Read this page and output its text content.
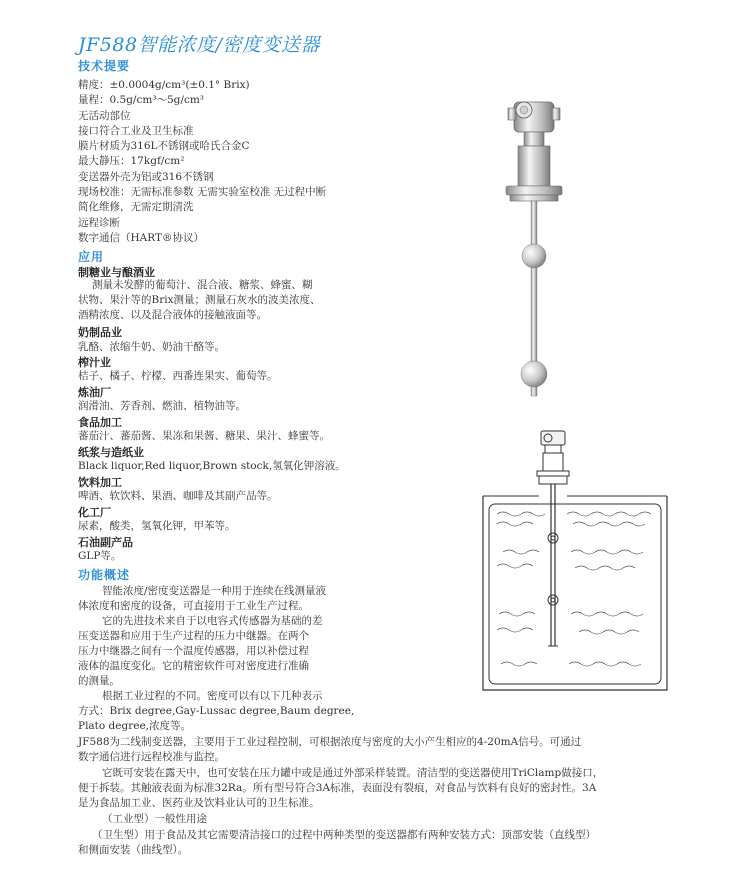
JF588智能浓度/密度变送器
技术提要
精度：±0.0004g/cm³(±0.1° Brix)
量程：0.5g/cm³～5g/cm³
无活动部位
接口符合工业及卫生标准
膜片材质为316L不锈钢或哈氏合金C
最大静压：17kgf/cm²
变送器外壳为铝或316不锈钢
现场校准：无需标准参数 无需实验室校准 无过程中断
简化维修，无需定期清洗
远程诊断
数字通信（HART®协议）
应用
制糖业与酿酒业

测量未发酵的葡萄汁、混合液、糖浆、蜂蜜、糊

状物、果汁等的Brix测量；测量石灰水的波美浓度、

酒精浓度、以及混合液体的接触液面等。

奶制品业

乳酪、浓缩牛奶、奶油干酪等。

榨汁业

桔子、橘子、柠檬、西番连果实、葡萄等。

炼油厂

润滑油、芳香剂、燃油、植物油等。

食品加工

蕃茄汁、蕃茄酱、果冻和果酱、糖果、果汁、蜂蜜等。

纸浆与造纸业

Black liquor,Red liquor,Brown stock,氢氧化钾溶液。

饮料加工

啤酒、软饮料、果酒、咖啡及其副产品等。

化工厂

尿素，酸类，氢氧化钾，甲苯等。

石油副产品

GLP等。

功能概述

智能浓度/密度变送器是一种用于连续在线测量液

体浓度和密度的设备，可直接用于工业生产过程。

它的先进技术来自于以电容式传感器为基础的差

压变送器和应用于生产过程的压力中继器。在两个

压力中继器之间有一个温度传感器，用以补偿过程

液体的温度变化。它的精密软件可对密度进行准确

的测量。

根据工业过程的不同。密度可以有以下几种表示

方式：Brix degree,Gay-Lussac degree,Baum degree,

Plato degree,浓度等。

JF588为二线制变送器，主要用于工业过程控制，可根据浓度与密度的大小产生相应的4-20mA信号。可通过

数字通信进行远程校准与监控。

它既可安装在露天中，也可安装在压力罐中或是通过外部采样装置。清洁型的变送器使用TriClamp做接口，

便于拆装。其触液表面为标准32Ra。所有型号符合3A标准，表面没有裂痕，对食品与饮料有良好的密封性。3A

是为食品加工业、医药业及饮料业认可的卫生标准。

（工业型）一般性用途

（卫生型）用于食品及其它需要清洁接口的过程中两种类型的变送器都有两种安装方式：顶部安装（直线型）

和侧面安装（曲线型）。
